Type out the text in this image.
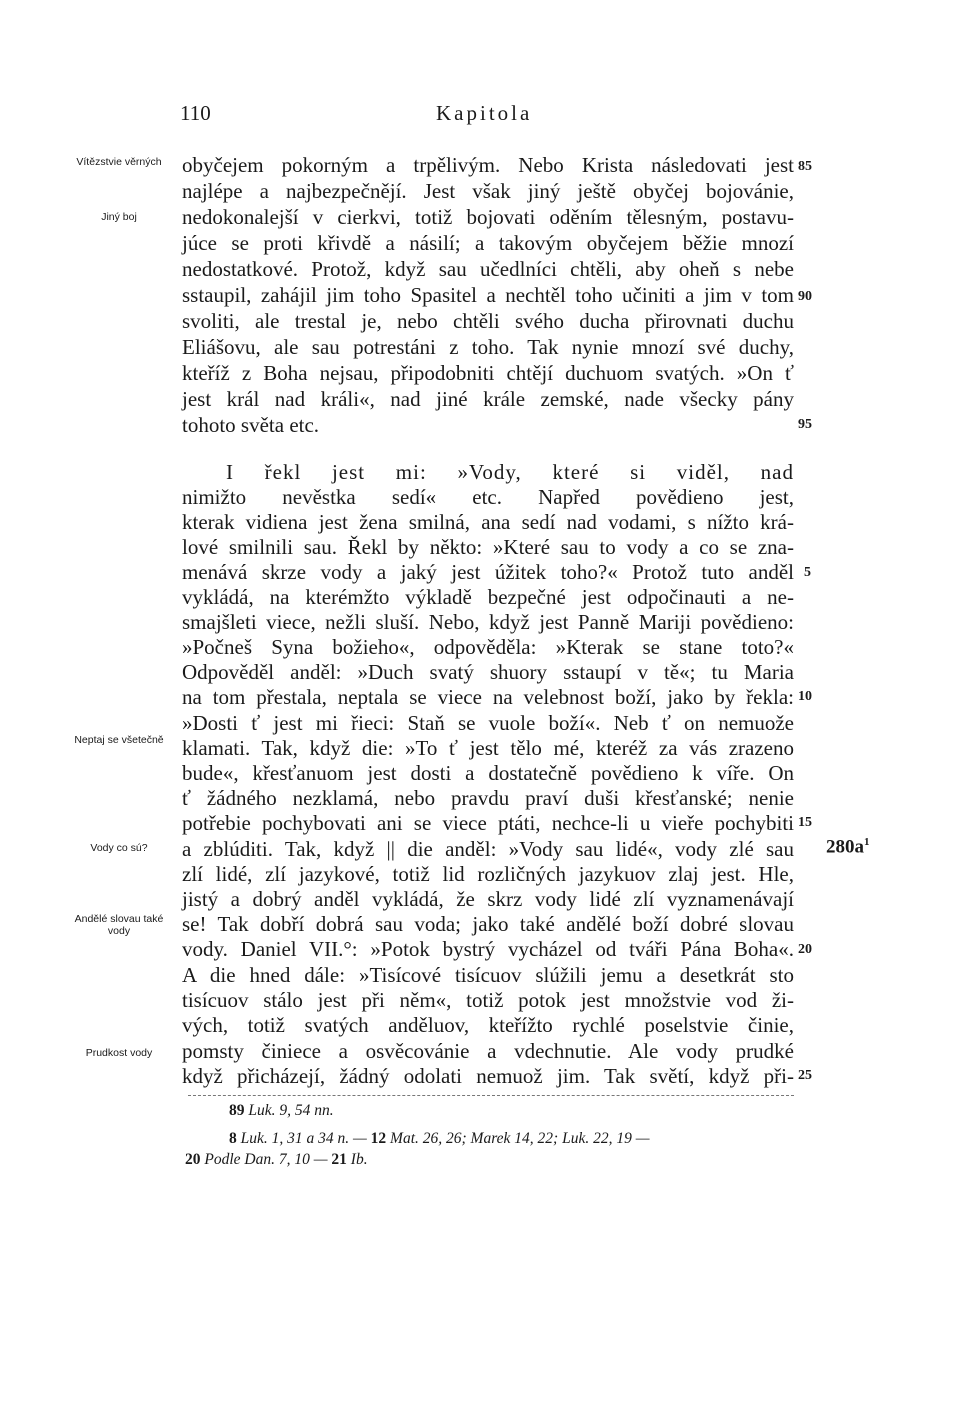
110	Kapitola
Vítězstvie věrných
Jiný boj
Neptaj se všetečně
Vody co sú?
Andělé slovau také vody
Prudkost vody
obyčejem pokorným a trpělivým. Nebo Krista následovati jest
najlépe a najbezpečnějí. Jest však jiný ještě obyčej bojovánie,
nedokonalejší v cierkvi, totiž bojovati oděním tělesným, postavu-
júce se proti křivdě a násilí; a takovým obyčejem běžie mnozí
nedostatkové. Protož, když sau učedlníci chtěli, aby oheň s nebe
sstaupil, zahájil jim toho Spasitel a nechtěl toho učiniti a jim v tom
svoliti, ale trestal je, nebo chtěli svého ducha přirovnati duchu
Eliášovu, ale sau potrestáni z toho. Tak nynie mnozí své duchy,
kteříž z Boha nejsau, připodobniti chtějí duchuom svatých. »On ť
jest král nad králi«, nad jiné krále zemské, nade všecky pány
tohoto světa etc.
I řekl jest mi: »Vody, které si viděl, nad
nimižto nevěstka sedí« etc. Napřed povědieno jest,
kterak vidiena jest žena smilná, ana sedí nad vodami, s nížto krá-
lové smilnili sau. Řekl by někto: »Které sau to vody a co se zna-
menává skrze vody a jaký jest úžitek toho?« Protož tuto anděl
vykládá, na kterémžto výkladě bezpečné jest odpočinauti a ne-
smajšleti viece, nežli sluší. Nebo, když jest Panně Mariji povědieno:
»Počneš Syna božieho«, odpověděla: »Kterak se stane toto?«
Odpověděl anděl: »Duch svatý shuory sstaupí v tě«; tu Maria
na tom přestala, neptala se viece na velebnost boží, jako by řekla:
»Dosti ť jest mi řieci: Staň se vuole boží«. Neb ť on nemuože
klamati. Tak, když die: »To ť jest tělo mé, kteréž za vás zrazeno
bude«, křesťanuom jest dosti a dostatečně povědieno k víře. On
ť žádného nezklamá, nebo pravdu praví duši křesťanské; nenie
potřebie pochybovati ani se viece ptáti, nechce-li u vieře pochybiti
a zblúditi. Tak, když || die anděl: »Vody sau lidé«, vody zlé sau
zlí lidé, zlí jazykové, totiž lid rozličných jazykuov zlaj jest. Hle,
jistý a dobrý anděl vykládá, že skrz vody lidé zlí vyznamenávají
se! Tak dobří dobrá sau voda; jako také andělé boží dobré slovau
vody. Daniel VII.°: »Potok bystrý vycházel od tváři Pána Boha«.
A die hned dále: »Tisícové tisícuov slúžili jemu a desetkrát sto
tisícuov stálo jest při něm«, totiž potok jest množstvie vod ži-
vých, totiž svatých anděluov, kteřížto rychlé poselstvie činie,
pomsty činiece a osvěcovánie a vdechnutie. Ale vody prudké
když přicházejí, žádný odolati nemuož jim. Tak světí, když při-
85
90
95
5
10
15
20
25
$280a^1$
89 Luk. 9, 54 nn.
8 Luk. 1, 31 a 34 n. — 12 Mat. 26, 26; Marek 14, 22; Luk. 22, 19 —
20 Podle Dan. 7, 10 — 21 Ib.
